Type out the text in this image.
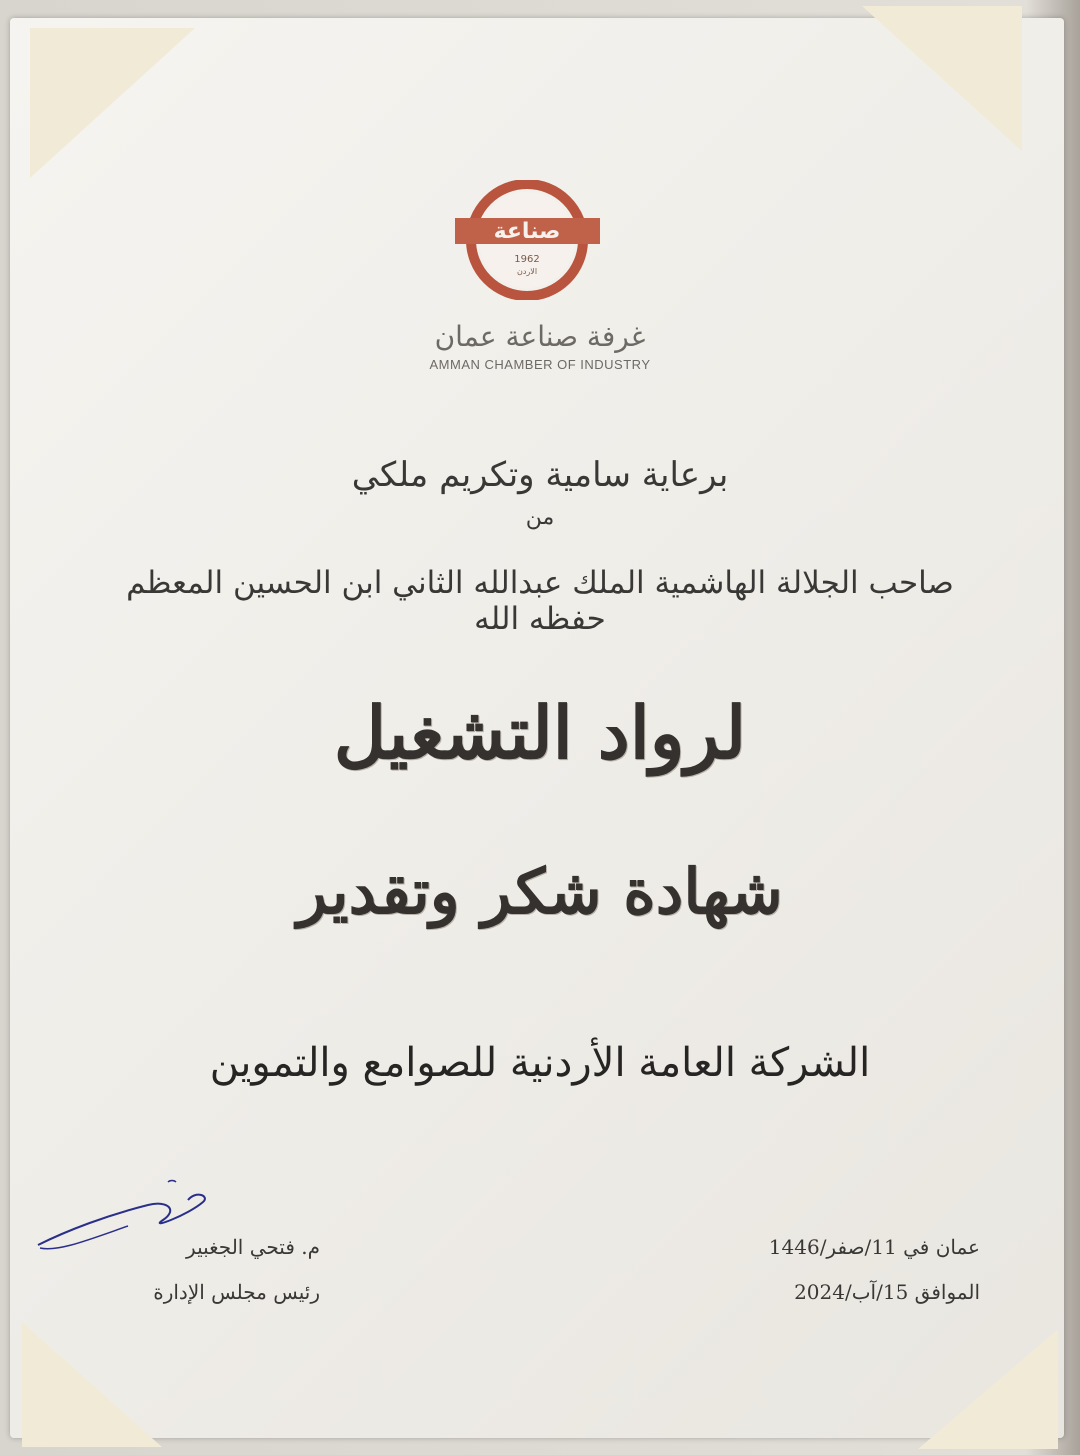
صناعة
1962
الاردن
غرفة صناعة عمان
AMMAN CHAMBER OF INDUSTRY
برعاية سامية وتكريم ملكي
من
صاحب الجلالة الهاشمية الملك عبدالله الثاني ابن الحسين المعظم حفظه الله
لرواد التشغيل
شهادة شكر وتقدير
الشركة العامة الأردنية للصوامع والتموين
م. فتحي الجغبير
رئيس مجلس الإدارة
عمان في 11/صفر/1446
الموافق 15/آب/2024
